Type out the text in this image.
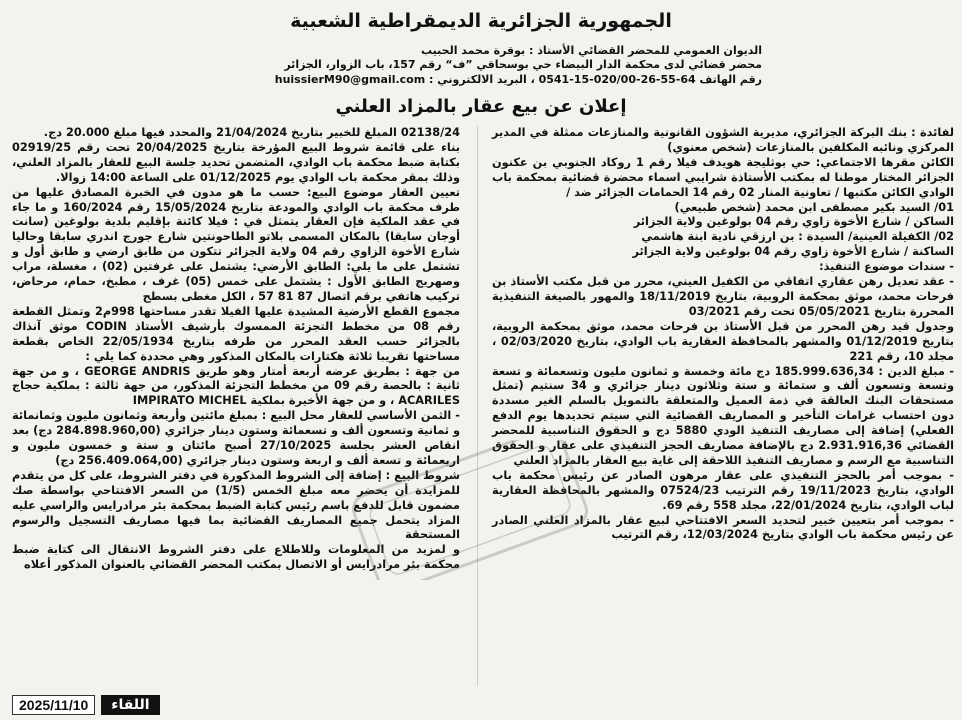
الجمهورية الجزائرية الديمقراطية الشعبية
الديوان العمومي للمحضر القضائي الأستاذ : بوقرة محمد الحبيب
محضر قضائي لدى محكمة الدار البيضاء حي بوسحاقي ”ف“ رقم 157، باب الزوار، الجزائر
رقم الهاتف 64-55-26-020/00-15-0541 ، البريد الالكتروني : huissierM90@gmail.com
إعلان عن بيع عقار بالمزاد العلني

لفائدة : بنك البركة الجزائري، مديرية الشؤون القانونية والمنازعات ممثلة في المدير المركزي ونائبه المكلفين بالمنازعات (شخص معنوي)

الكائن مقرها الاجتماعي: حي بوثليجة هويدف فيلا رقم 1 روكاد الجنوبي بن عكنون الجزائر المختار موطنا له بمكتب الأستاذة شرايبي اسماء محضرة قضائية بمحكمة باب الوادي الكائن مكتبها / تعاونية المنار 02 رقم 14 الحمامات الجزائر ضد /

01/ السيد بكير مصطفى ابن محمد (شخص طبيعي)

الساكن / شارع الأخوة زاوي رقم 04 بولوغين ولاية الجزائر

02/ الكفيلة العينية/ السيدة : بن ارزقي نادية ابنة هاشمي

الساكنة / شارع الأخوة زاوي رقم 04 بولوغين ولاية الجزائر

- سندات موضوع التنفيذ:

- عقد تعديل رهن عقاري اتفاقي من الكفيل العيني، محرر من قبل مكتب الأستاذ بن فرحات محمد، موثق بمحكمة الروبية، بتاريخ 18/11/2019 والمهور بالصيغة التنفيذية المحررة بتاريخ 05/05/2021 تحت رقم 03/2021

وجدول قيد رهن المحرر من قبل الأستاذ بن فرحات محمد، موثق بمحكمة الروبية، بتاريخ 01/12/2019 والمشهر بالمحافظة العقارية باب الوادي، بتاريخ 02/03/2020 ، مجلد 10، رقم 221

- مبلغ الدين : 185.999.636,34 دج مائة وخمسة و ثمانون مليون وتسعمائة و تسعة وتسعة وتسعون ألف و ستمائة و ستة وثلاثون دينار جزائري و 34 سنتيم (تمثل مستحقات البنك العالقة في ذمة العميل والمتعلقة بالتمويل بالسلم الغير مسددة دون احتساب غرامات التأخير و المصاريف القضائية التي سيتم تحديدها يوم الدفع الفعلي) إضافة إلى مصاريف التنفيذ الودي 5880 دج و الحقوق التناسبية للمحضر القضائي 2.931.916,36 دج بالإضافة مصاريف الحجز التنفيذي على عقار و الحقوق التناسبية مع الرسم و مصاريف التنفيذ اللاحقة إلى غاية بيع العقار بالمزاد العلني

- بموجب أمر بالحجز التنفيذي على عقار مرهون الصادر عن رئيس محكمة باب الوادي، بتاريخ 19/11/2023 رقم الترتيب 07524/23 والمشهر بالمحافظة العقارية لباب الوادي، بتاريخ 22/01/2024، مجلد 558 رقم 69.

- بموجب أمر بتعيين خبير لتحديد السعر الافتتاحي لبيع عقار بالمزاد العلني الصادر عن رئيس محكمة باب الوادي بتاريخ 12/03/2024، رقم الترتيب

02138/24 المبلغ للخبير بتاريخ 21/04/2024 والمحدد فيها مبلغ 20.000 دج.

بناء على قائمة شروط البيع المؤرخة بتاريخ 20/04/2025 تحت رقم 02919/25 بكتابة ضبط محكمة باب الوادي، المتضمن تحديد جلسة البيع للعقار بالمزاد العلني، وذلك بمقر محكمة باب الوادي يوم 01/12/2025 على الساعة 14:00 زوالا.

تعيين العقار موضوع البيع: حسب ما هو مدون في الخبرة المصادق عليها من طرف محكمة باب الوادي والمودعة بتاريخ 15/05/2024 رقم 160/2024 و ما جاء في عقد الملكية فإن العقار يتمثل في : فيلا كائنة بإقليم بلدية بولوغين (سانت أوجان سابقا) بالمكان المسمى بلاتو الطاحونتين شارع جورج اندري سابقا وحاليا شارع الأخوة الزاوي رقم 04 ولاية الجزائر تتكون من طابق ارضي و طابق أول و تشتمل على ما يلي: الطابق الأرضي: يشتمل على غرفتين (02) ، مغسلة، مراب وصهريج الطابق الأول : يشتمل على خمس (05) غرف ، مطبخ، حمام، مرحاض، تركيب هاتفي برقم اتصال 87 81 57 ، الكل مغطى بسطح

مجموع القطع الأرضية المشيدة عليها الفيلا تقدر مساحتها 998م2 وتمثل القطعة رقم 08 من مخطط التجزئة الممسوك بأرشيف الأستاذ CODIN موثق آنذاك بالجزائر حسب العقد المحرر من طرفه بتاريخ 22/05/1934 الخاص بقطعة مساحتها تقريبا ثلاثة هكتارات بالمكان المذكور وهي محددة كما يلي :

من جهة : بطريق عرضه أربعة أمتار وهو طريق GEORGE ANDRIS ، و من جهة ثانية : بالحصة رقم 09 من مخطط التجزئة المذكور، من جهة ثالثة : بملكية حجاج ACARILES ، و من جهة الأخيرة بملكية IMPIRATO MICHEL

- الثمن الأساسي للعقار محل البيع : بمبلغ مائتين وأربعة وثمانون مليون وثمانمائة و ثمانية وتسعون ألف و تسعمائة وستون دينار جزائري (284.898.960,00 دج) بعد انقاص العشر بجلسة 27/10/2025 أصبح مائتان و ستة و خمسون مليون و اربعمائة و تسعة ألف و اربعة وستون دينار جزائري (256.409.064,00 دج)

شروط البيع : إضافة إلى الشروط المذكورة في دفتر الشروط، على كل من يتقدم للمزايدة أن يحضر معه مبلغ الخمس (1/5) من السعر الافتتاحي بواسطة صك مضمون قابل للدفع باسم رئيس كتابة الضبط بمحكمة بئر مرادرايس والراسي عليه المزاد يتحمل جميع المصاريف القضائية بما فيها مصاريف التسجيل والرسوم المستحقة

و لمزيد من المعلومات وللاطلاع على دفتر الشروط الانتقال الى كتابة ضبط محكمة بئر مرادرايس أو الاتصال بمكتب المحضر القضائي بالعنوان المذكور أعلاه

2025/11/10	اللقاء
